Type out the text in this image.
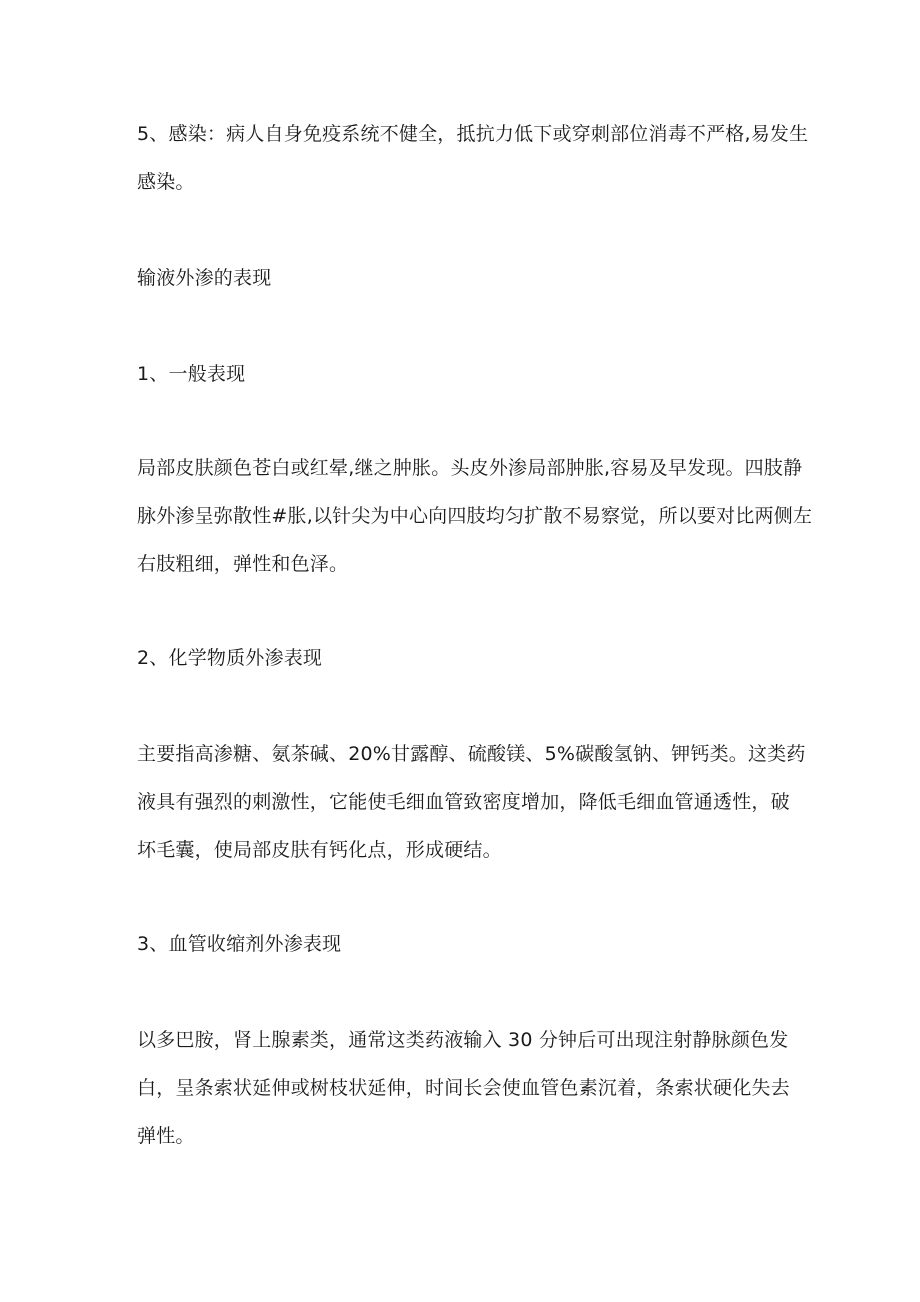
5、感染：病人自身免疫系统不健全，抵抗力低下或穿刺部位消毒不严格,易发生
感染。

输液外渗的表现

1、一般表现

局部皮肤颜色苍白或红晕,继之肿胀。头皮外渗局部肿胀,容易及早发现。四肢静
脉外渗呈弥散性#胀,以针尖为中心向四肢均匀扩散不易察觉，所以要对比两侧左
右肢粗细，弹性和色泽。

2、化学物质外渗表现

主要指高渗糖、氨茶碱、20%甘露醇、硫酸镁、5%碳酸氢钠、钾钙类。这类药
液具有强烈的刺激性，它能使毛细血管致密度增加，降低毛细血管通透性，破
坏毛囊，使局部皮肤有钙化点，形成硬结。

3、血管收缩剂外渗表现

以多巴胺，肾上腺素类，通常这类药液输入 30 分钟后可出现注射静脉颜色发
白，呈条索状延伸或树枝状延伸，时间长会使血管色素沉着，条索状硬化失去
弹性。
